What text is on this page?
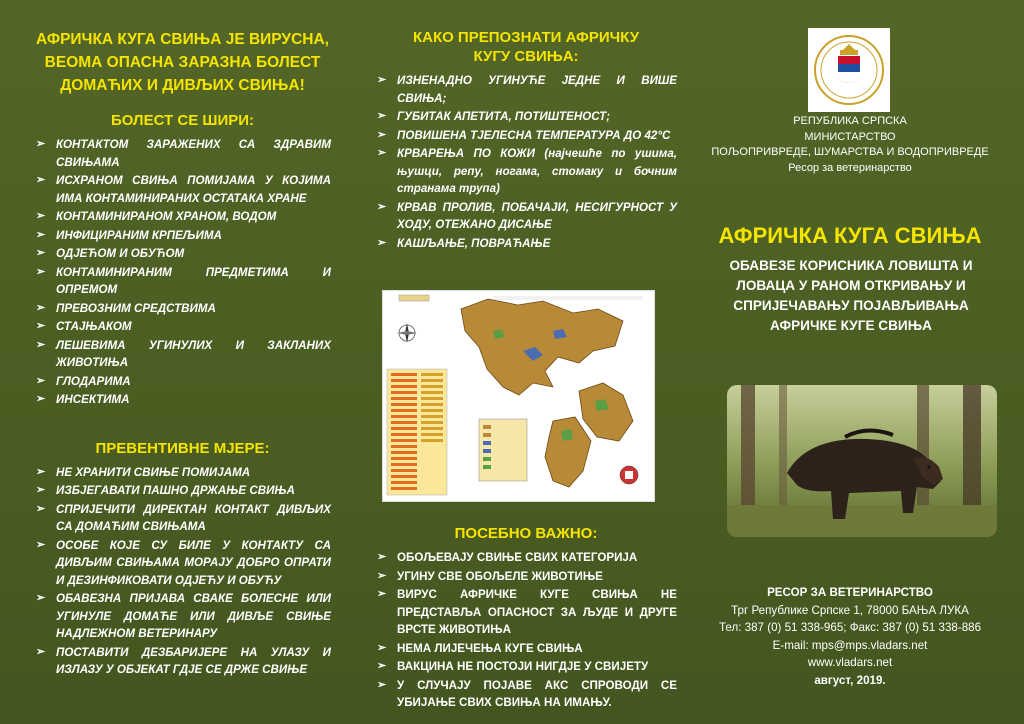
АФРИЧКА КУГА СВИЊА ЈЕ ВИРУСНА, ВЕОМА ОПАСНА ЗАРАЗНА БОЛЕСТ ДОМАЋИХ И ДИВЉИХ СВИЊА!
БОЛЕСТ СЕ ШИРИ:
➢ КОНТАКТОМ ЗАРАЖЕНИХ СА ЗДРАВИМ СВИЊАМА
➢ ИСХРАНОМ СВИЊА ПОМИЈАМА У КОЈИМА ИМА КОНТАМИНИРАНИХ ОСТАТАКА ХРАНЕ
➢ КОНТАМИНИРАНОМ ХРАНОМ, ВОДОМ
➢ ИНФИЦИРАНИМ КРПЕЉИМА
➢ ОДЈЕЋОМ И ОБУЋОМ
➢ КОНТАМИНИРАНИМ ПРЕДМЕТИМА И ОПРЕМОМ
➢ ПРЕВОЗНИМ СРЕДСТВИМА
➢ СТАЈЊАКОМ
➢ ЛЕШЕВИМА УГИНУЛИХ И ЗАКЛАНИХ ЖИВОТИЊА
➢ ГЛОДАРИМА
➢ ИНСЕКТИМА
ПРЕВЕНТИВНЕ МЈЕРЕ:
➢ НЕ ХРАНИТИ СВИЊЕ ПОМИЈАМА
➢ ИЗБЈЕГАВАТИ ПАШНО ДРЖАЊЕ СВИЊА
➢ СПРИЈЕЧИТИ ДИРЕКТАН КОНТАКТ ДИВЉИХ СА ДОМАЋИМ СВИЊАМА
➢ ОСОБЕ КОЈЕ СУ БИЛЕ У КОНТАКТУ СА ДИВЉИМ СВИЊАМА МОРАЈУ ДОБРО ОПРАТИ И ДЕЗИНФИКОВАТИ ОДЈЕЋУ И ОБУЋУ
➢ ОБАВЕЗНА ПРИЈАВА СВАКЕ БОЛЕСНЕ ИЛИ УГИНУЛЕ ДОМАЋЕ ИЛИ ДИВЉЕ СВИЊЕ НАДЛЕЖНОМ ВЕТЕРИНАРУ
➢ ПОСТАВИТИ ДЕЗБАРИЈЕРЕ НА УЛАЗУ И ИЗЛАЗУ У ОБЈЕКАТ ГДЈЕ СЕ ДРЖЕ СВИЊЕ
КАКО ПРЕПОЗНАТИ АФРИЧКУ КУГУ СВИЊА:
➢ ИЗНЕНАДНО УГИНУЋЕ ЈЕДНЕ И ВИШЕ СВИЊА;
➢ ГУБИТАК АПЕТИТА, ПОТИШТЕНОСТ;
➢ ПОВИШЕНА ТЈЕЛЕСНА ТЕМПЕРАТУРА ДО 42°С
➢ КРВАРЕЊА ПО КОЖИ (најчешће по ушима, њушци, репу, ногама, стомаку и бочним странама трупа)
➢ КРВАВ ПРОЛИВ, ПОБАЧАЈИ, НЕСИГУРНОСТ У ХОДУ, ОТЕЖАНО ДИСАЊЕ
➢ КАШЉАЊЕ, ПОВРАЋАЊЕ
ПОСЕБНО ВАЖНО:
➢ ОБОЉЕВАЈУ СВИЊЕ СВИХ КАТЕГОРИЈА
➢ УГИНУ СВЕ ОБОЉЕЛЕ ЖИВОТИЊЕ
➢ ВИРУС АФРИЧКЕ КУГЕ СВИЊА НЕ ПРЕДСТАВЉА ОПАСНОСТ ЗА ЉУДЕ И ДРУГЕ ВРСТЕ ЖИВОТИЊА
➢ НЕМА ЛИЈЕЧЕЊА КУГЕ СВИЊА
➢ ВАКЦИНА НЕ ПОСТОЈИ НИГДЈЕ У СВИЈЕТУ
➢ У СЛУЧАЈУ ПОЈАВЕ АКС СПРОВОДИ СЕ УБИЈАЊЕ СВИХ СВИЊА НА ИМАЊУ.
РЕПУБЛИКА СРПСКА
МИНИСТАРСТВО
ПОЉОПРИВРЕДЕ, ШУМАРСТВА И ВОДОПРИВРЕДЕ
Ресор за ветеринарство
АФРИЧКА КУГА СВИЊА
ОБАВЕЗЕ КОРИСНИКА ЛОВИШТА И ЛОВАЦА У РАНОМ ОТКРИВАЊУ И СПРИЈЕЧАВАЊУ ПОЈАВЉИВАЊА АФРИЧКЕ КУГЕ СВИЊА
РЕСОР ЗА ВЕТЕРИНАРСТВО
Трг Републике Српске 1, 78000 БАЊА ЛУКА
Тел: 387 (0) 51 338-965; Факс: 387 (0) 51 338-886
E-mail: mps@mps.vladars.net
www.vladars.net
август, 2019.
